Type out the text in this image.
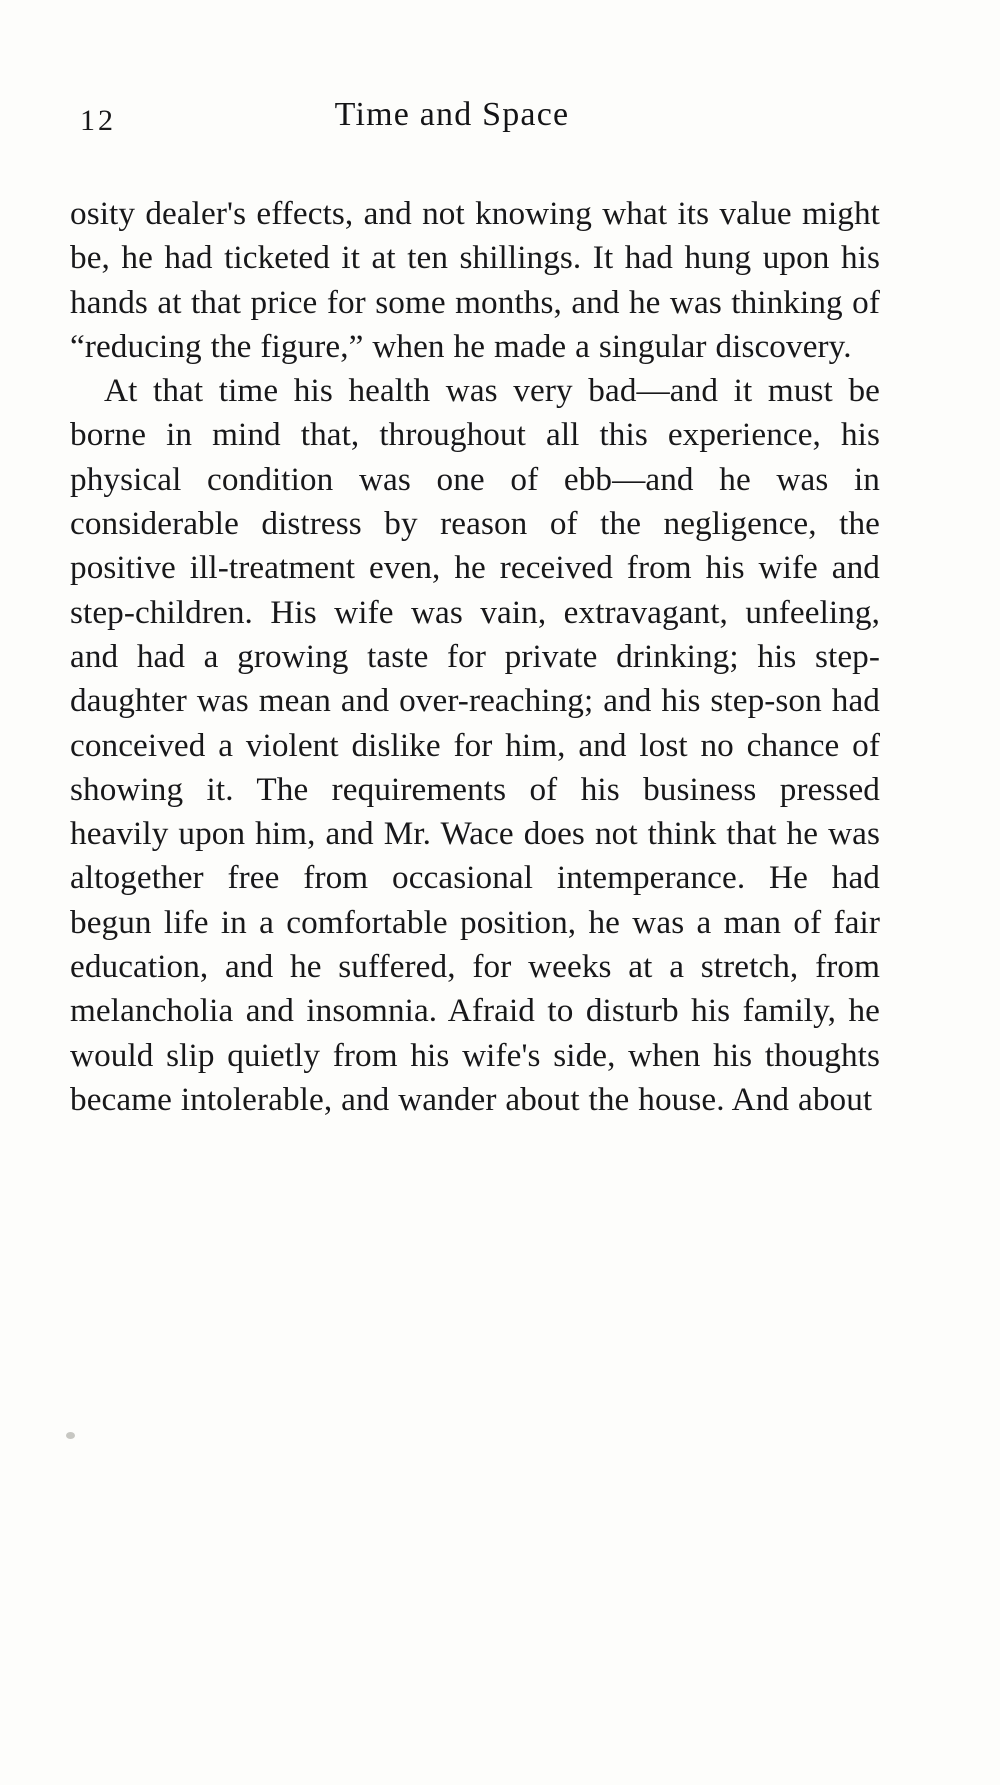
12	Time and Space

osity dealer's effects, and not knowing what its value might be, he had ticketed it at ten shillings. It had hung upon his hands at that price for some months, and he was thinking of “reducing the figure,” when he made a singular discovery.

At that time his health was very bad—and it must be borne in mind that, throughout all this experience, his physical condition was one of ebb—and he was in considerable distress by reason of the negligence, the positive ill-treatment even, he received from his wife and step-children. His wife was vain, extravagant, unfeeling, and had a growing taste for private drinking; his step-daughter was mean and over-reaching; and his step-son had conceived a violent dislike for him, and lost no chance of showing it. The requirements of his business pressed heavily upon him, and Mr. Wace does not think that he was altogether free from occasional intemperance. He had begun life in a comfortable position, he was a man of fair education, and he suffered, for weeks at a stretch, from melancholia and insomnia. Afraid to disturb his family, he would slip quietly from his wife's side, when his thoughts became intolerable, and wander about the house. And about
